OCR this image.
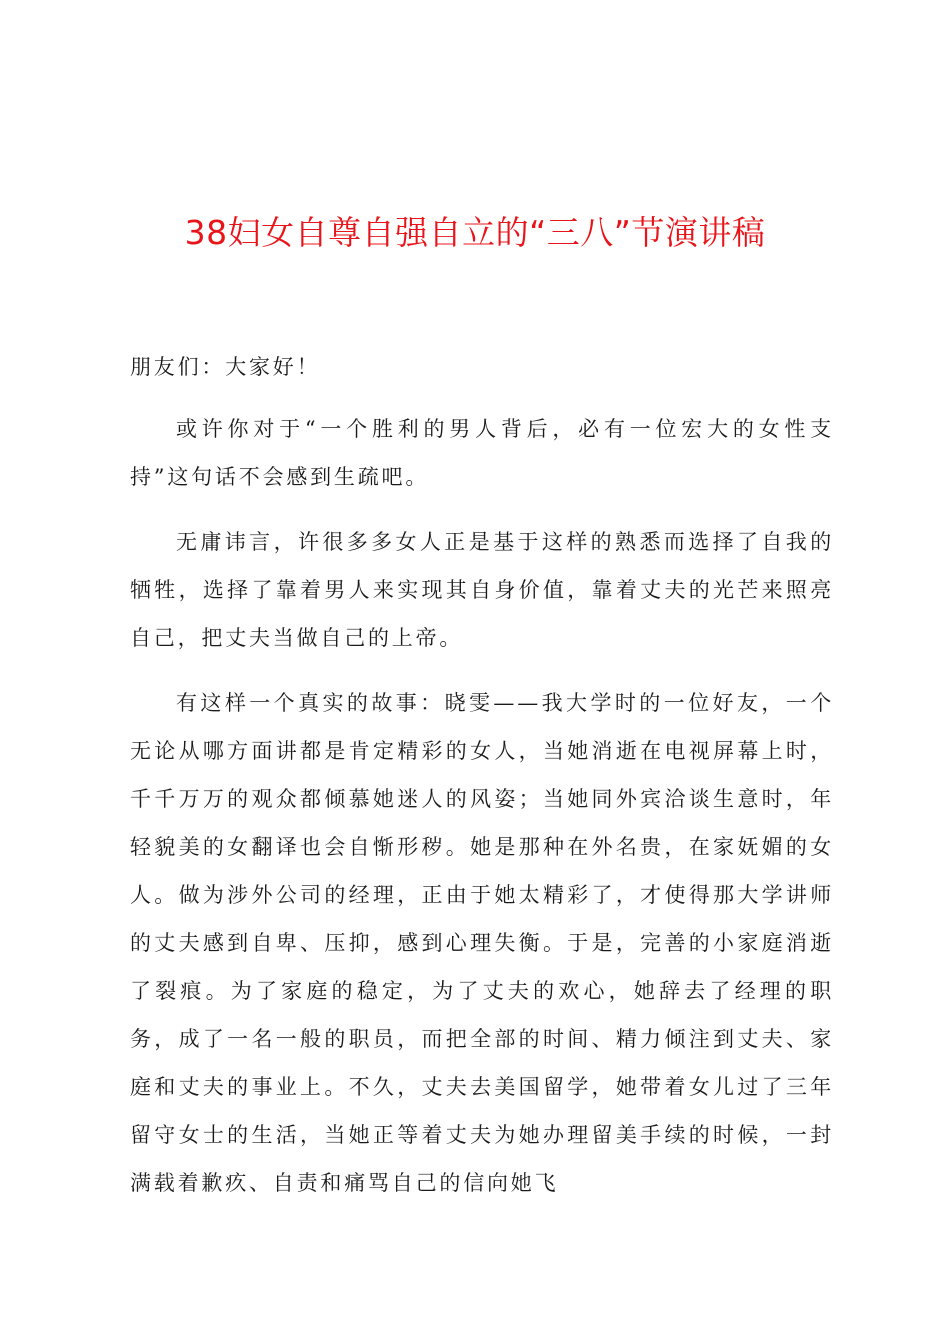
38妇女自尊自强自立的“三八”节演讲稿

朋友们：大家好！

或许你对于“一个胜利的男人背后，必有一位宏大的女性支持”这句话不会感到生疏吧。

无庸讳言，许很多多女人正是基于这样的熟悉而选择了自我的牺牲，选择了靠着男人来实现其自身价值，靠着丈夫的光芒来照亮自己，把丈夫当做自己的上帝。

有这样一个真实的故事：晓雯——我大学时的一位好友，一个无论从哪方面讲都是肯定精彩的女人，当她消逝在电视屏幕上时，千千万万的观众都倾慕她迷人的风姿；当她同外宾洽谈生意时，年轻貌美的女翻译也会自惭形秽。她是那种在外名贵，在家妩媚的女人。做为涉外公司的经理，正由于她太精彩了，才使得那大学讲师的丈夫感到自卑、压抑，感到心理失衡。于是，完善的小家庭消逝了裂痕。为了家庭的稳定，为了丈夫的欢心，她辞去了经理的职务，成了一名一般的职员，而把全部的时间、精力倾注到丈夫、家庭和丈夫的事业上。不久，丈夫去美国留学，她带着女儿过了三年留守女士的生活，当她正等着丈夫为她办理留美手续的时候，一封满载着歉疚、自责和痛骂自己的信向她飞
